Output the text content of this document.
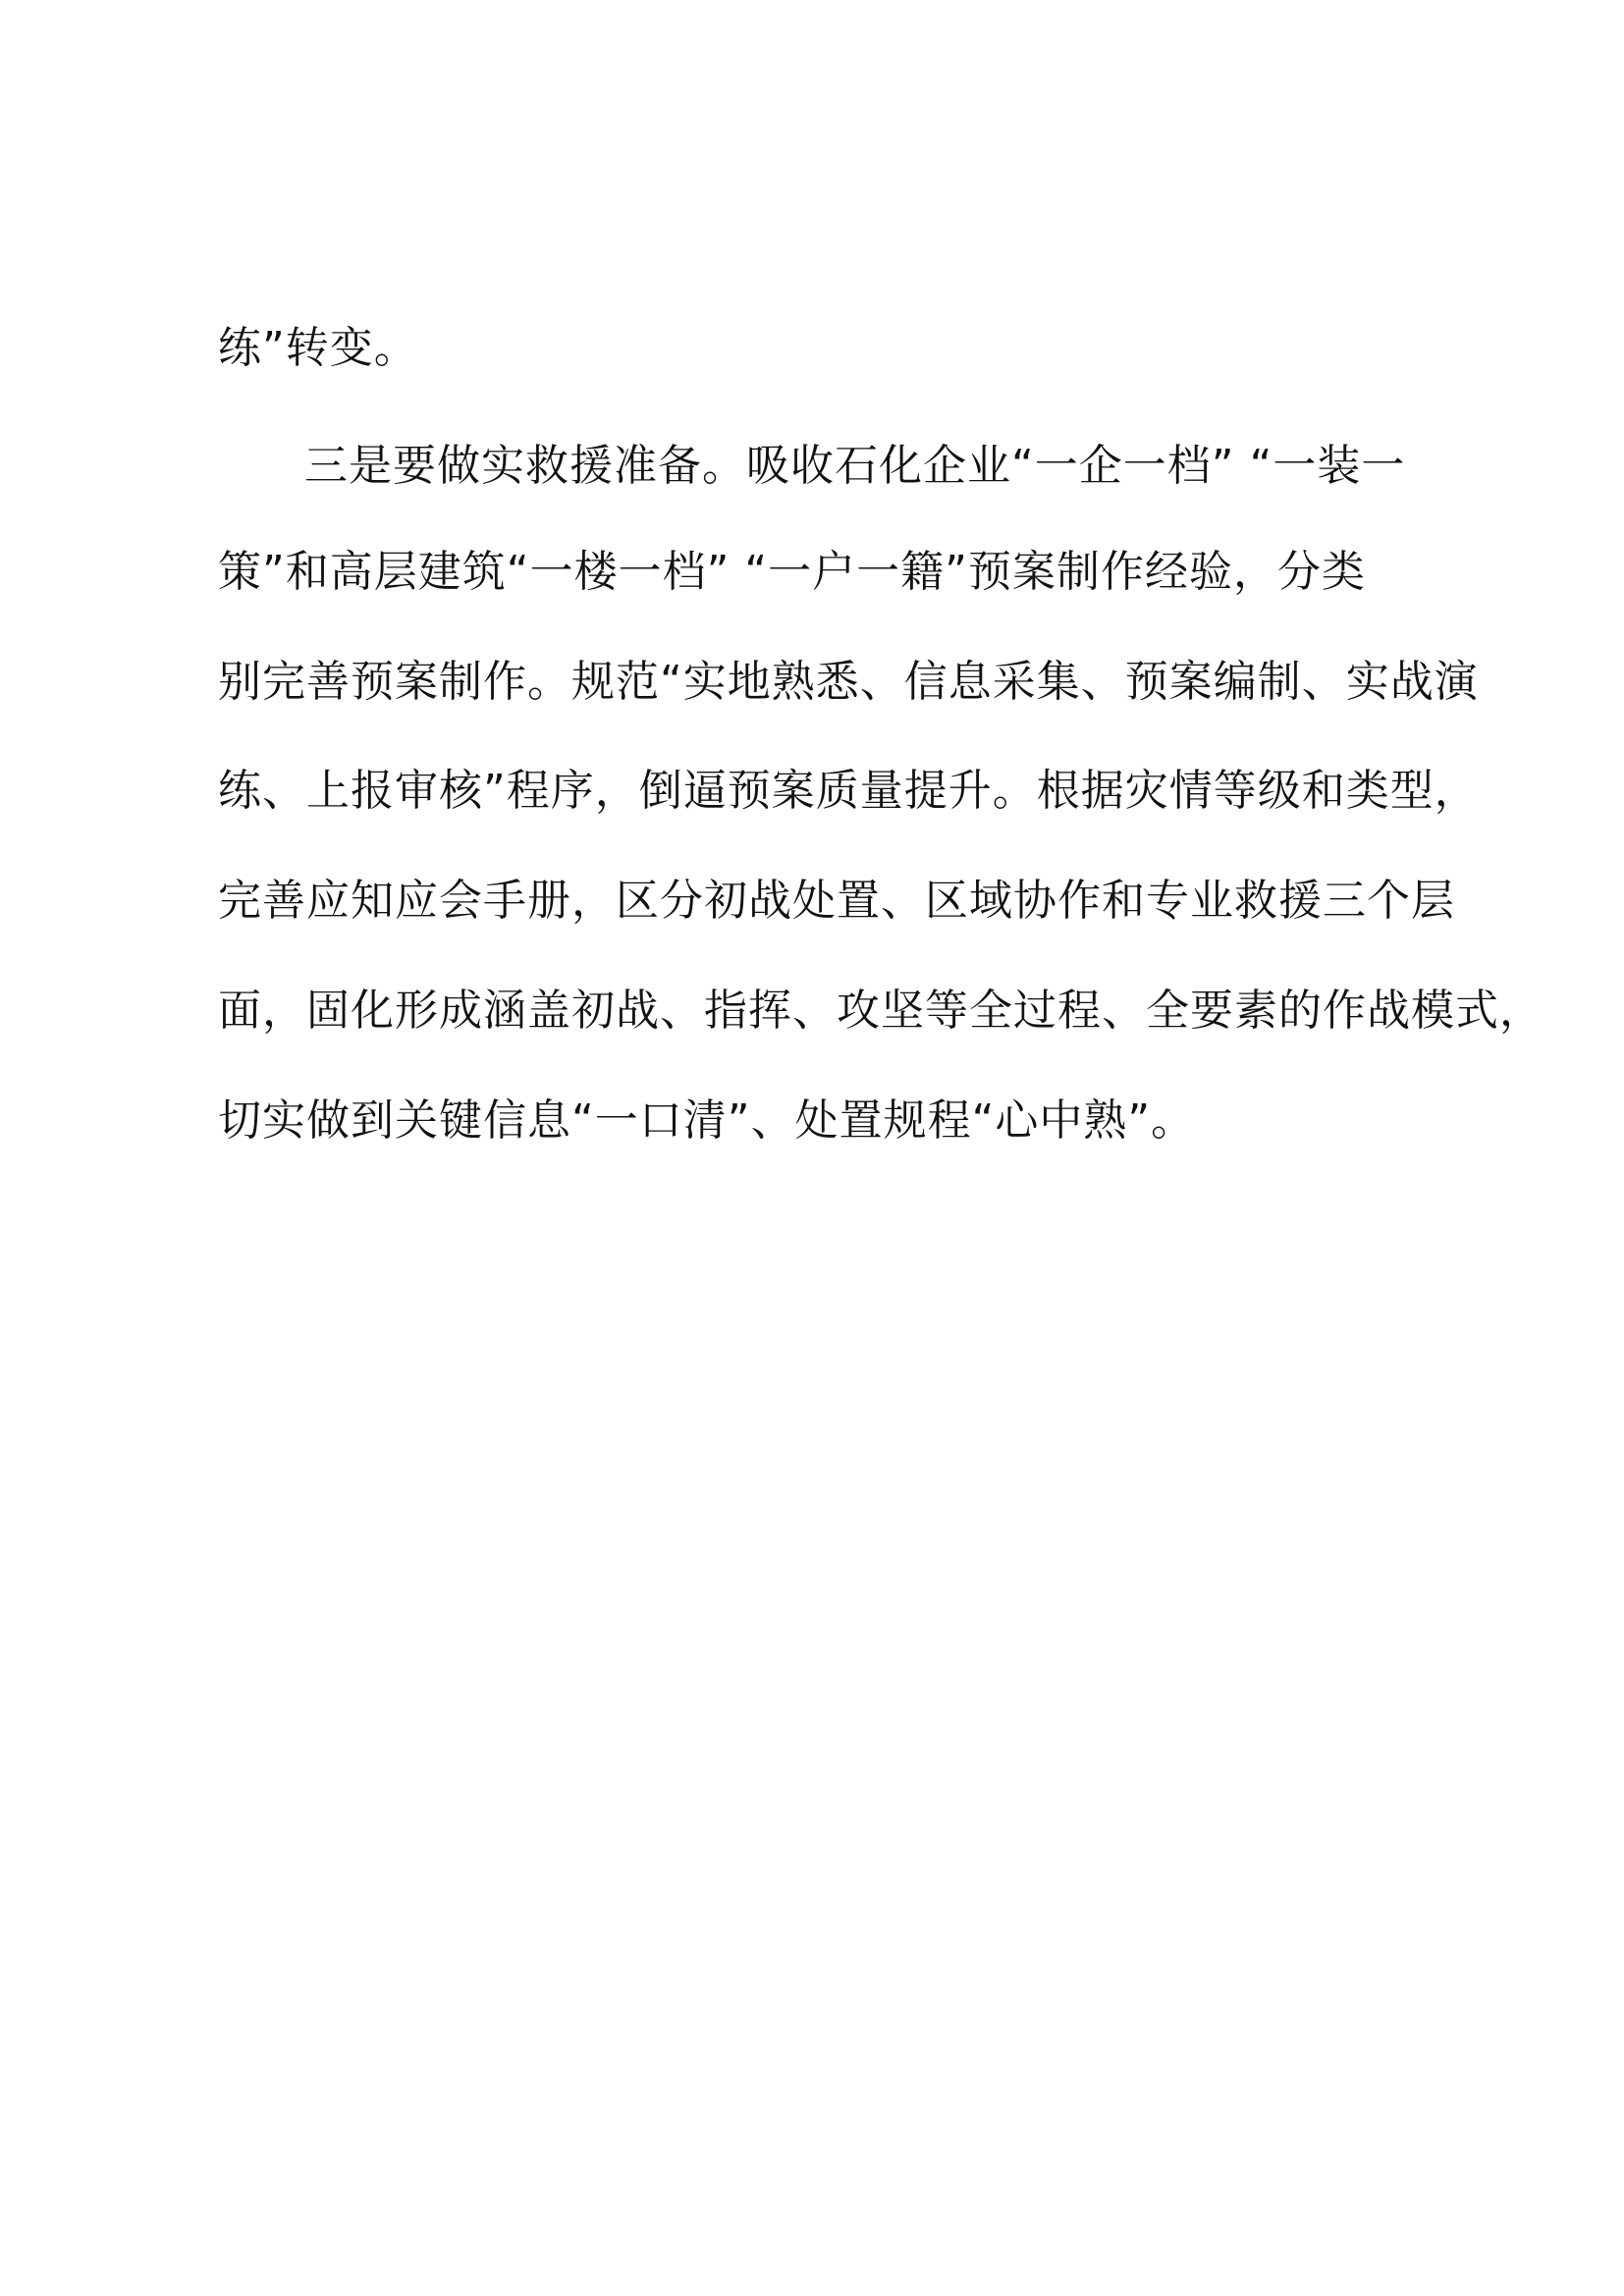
练”转变。
三是要做实救援准备。吸收石化企业“一企一档” “一装一
策”和高层建筑“一楼一档” “一户一籍”预案制作经验，分类
别完善预案制作。规范“实地熟悉、信息采集、预案编制、实战演
练、上报审核”程序，倒逼预案质量提升。根据灾情等级和类型，
完善应知应会手册，区分初战处置、区域协作和专业救援三个层
面，固化形成涵盖初战、指挥、攻坚等全过程、全要素的作战模式，
切实做到关键信息“一口清”、处置规程“心中熟”。
